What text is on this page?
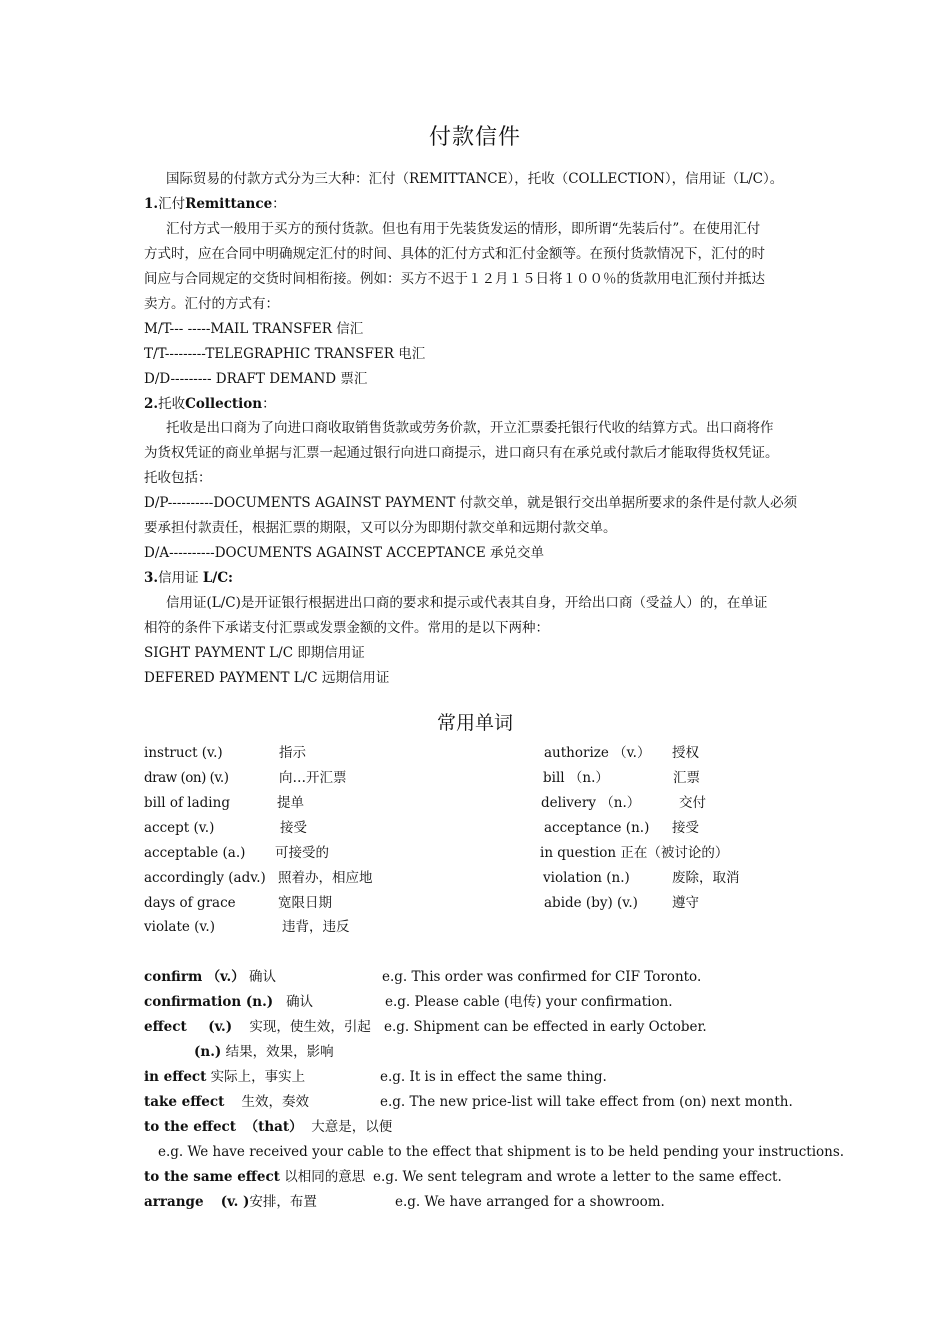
付款信件
国际贸易的付款方式分为三大种：汇付（REMITTANCE），托收（COLLECTION），信用证（L/C）。
1.汇付Remittance：
汇付方式一般用于买方的预付货款。但也有用于先装货发运的情形，即所谓“先装后付”。在使用汇付
方式时，应在合同中明确规定汇付的时间、具体的汇付方式和汇付金额等。在预付货款情况下，汇付的时
间应与合同规定的交货时间相衔接。例如：买方不迟于１２月１５日将１００％的货款用电汇预付并抵达
卖方。汇付的方式有：
M/T--- -----MAIL TRANSFER 信汇
T/T---------TELEGRAPHIC TRANSFER 电汇
D/D--------- DRAFT DEMAND 票汇
2.托收Collection：
托收是出口商为了向进口商收取销售货款或劳务价款，开立汇票委托银行代收的结算方式。出口商将作
为货权凭证的商业单据与汇票一起通过银行向进口商提示，进口商只有在承兑或付款后才能取得货权凭证。
托收包括：
D/P----------DOCUMENTS AGAINST PAYMENT 付款交单，就是银行交出单据所要求的条件是付款人必须
要承担付款责任，根据汇票的期限，又可以分为即期付款交单和远期付款交单。
D/A----------DOCUMENTS AGAINST ACCEPTANCE 承兑交单
3.信用证 L/C:
信用证(L/C)是开证银行根据进出口商的要求和提示或代表其自身，开给出口商（受益人）的，在单证
相符的条件下承诺支付汇票或发票金额的文件。常用的是以下两种：
SIGHT PAYMENT L/C 即期信用证
DEFERED PAYMENT L/C 远期信用证
常用单词
instruct (v.)	指示	authorize （v.） 授权
draw (on) (v.)	向…开汇票	bill （n.）	汇票
bill of lading	提单	delivery （n.）	交付
accept (v.)	接受	acceptance (n.) 接受
acceptable (a.) 可接受的	in question 正在（被讨论的）
accordingly (adv.) 照着办，相应地	violation (n.)	废除，取消
days of grace	宽限日期	abide (by) (v.)	遵守
violate (v.)	违背，违反
confirm （v.） 确认	e.g. This order was confirmed for CIF Toronto.
confirmation (n.) 确认	e.g. Please cable (电传) your confirmation.
effect (v.) 实现，使生效，引起 e.g. Shipment can be effected in early October.
(n.) 结果，效果，影响
in effect 实际上，事实上	e.g. It is in effect the same thing.
take effect 生效，奏效	e.g. The new price-list will take effect from (on) next month.
to the effect （that） 大意是，以便
e.g. We have received your cable to the effect that shipment is to be held pending your instructions.
to the same effect 以相同的意思 e.g. We sent telegram and wrote a letter to the same effect.
arrange (v. )安排，布置	e.g. We have arranged for a showroom.
